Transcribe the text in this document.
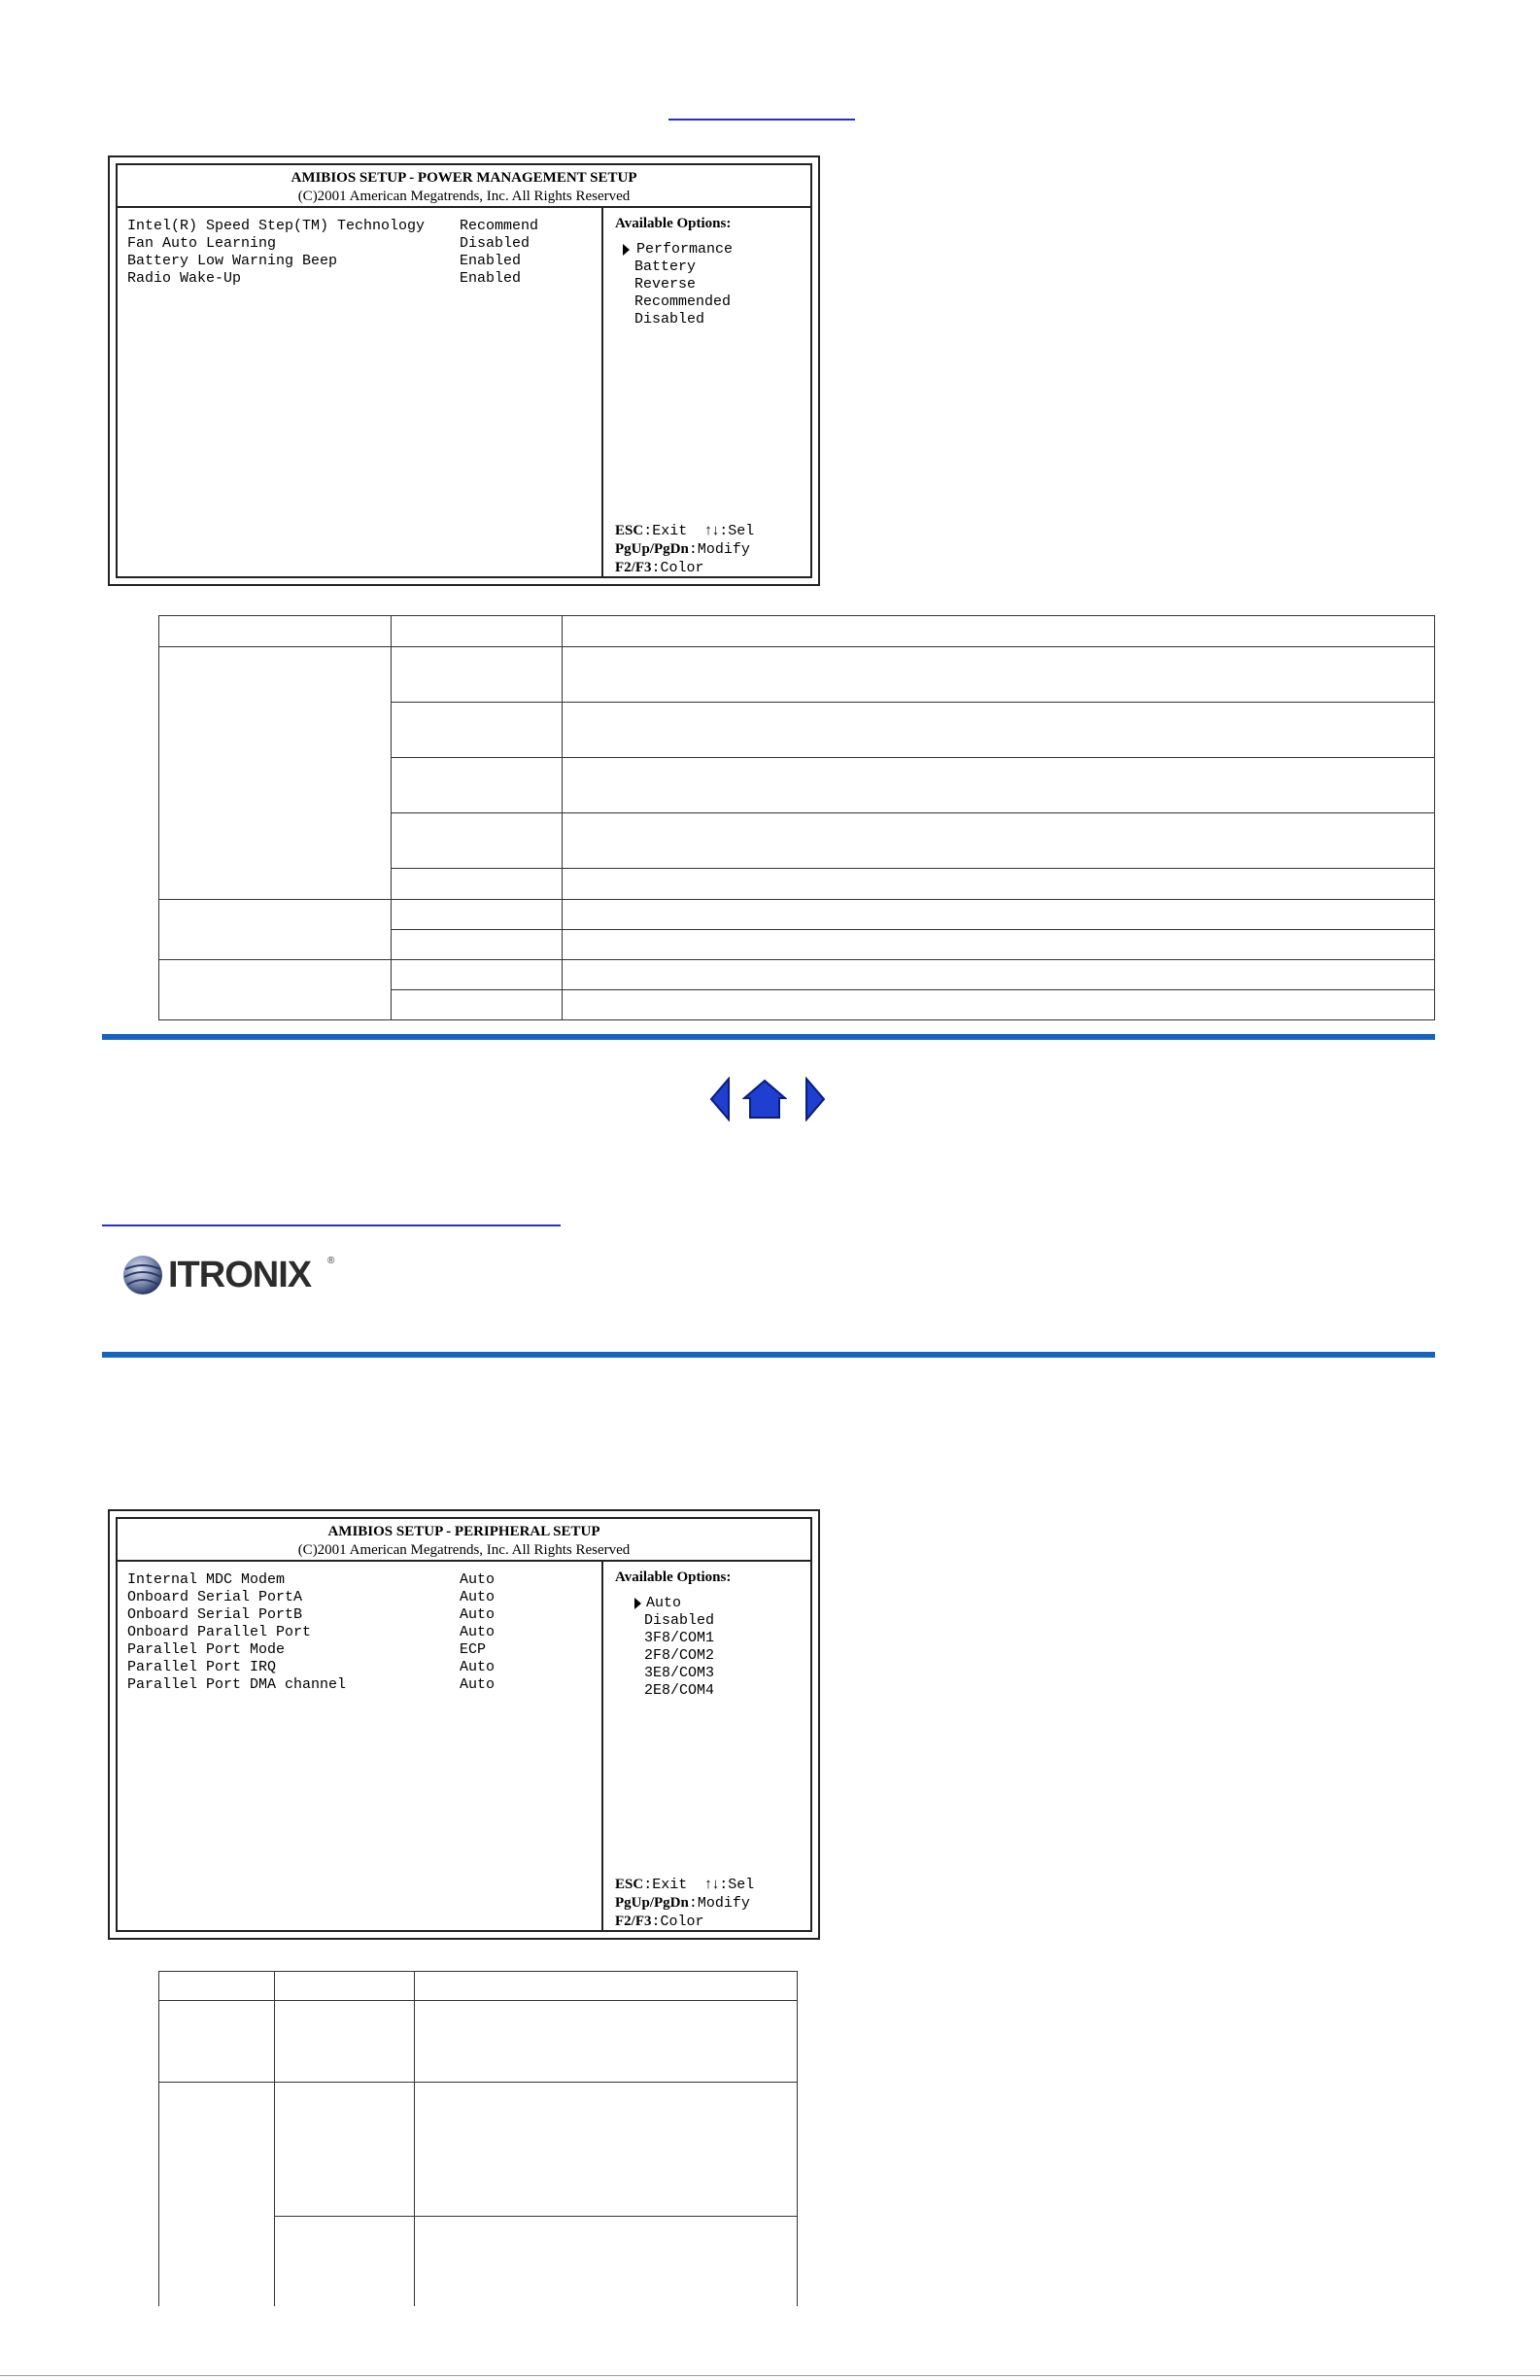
AMIBIOS SETUP - POWER MANAGEMENT SETUP
(C)2001 American Megatrends, Inc. All Rights Reserved
Intel(R) Speed Step(TM) Technology Recommend
Fan Auto Learning	Disabled
Battery Low Warning Beep	Enabled
Radio Wake-Up	Enabled
Available Options:
Performance
Battery
Reverse
Recommended
Disabled
ESC:Exit  ↑↓:Sel
PgUp/PgDn:Modify
F2/F3:Color

ITRONIX ®
AMIBIOS SETUP - PERIPHERAL SETUP
(C)2001 American Megatrends, Inc. All Rights Reserved
Internal MDC Modem	Auto
Onboard Serial PortA	Auto
Onboard Serial PortB	Auto
Onboard Parallel Port	Auto
Parallel Port Mode	ECP
Parallel Port IRQ	Auto
Parallel Port DMA channel	Auto
Available Options:
Auto
Disabled
3F8/COM1
2F8/COM2
3E8/COM3
2E8/COM4
ESC:Exit  ↑↓:Sel
PgUp/PgDn:Modify
F2/F3:Color
